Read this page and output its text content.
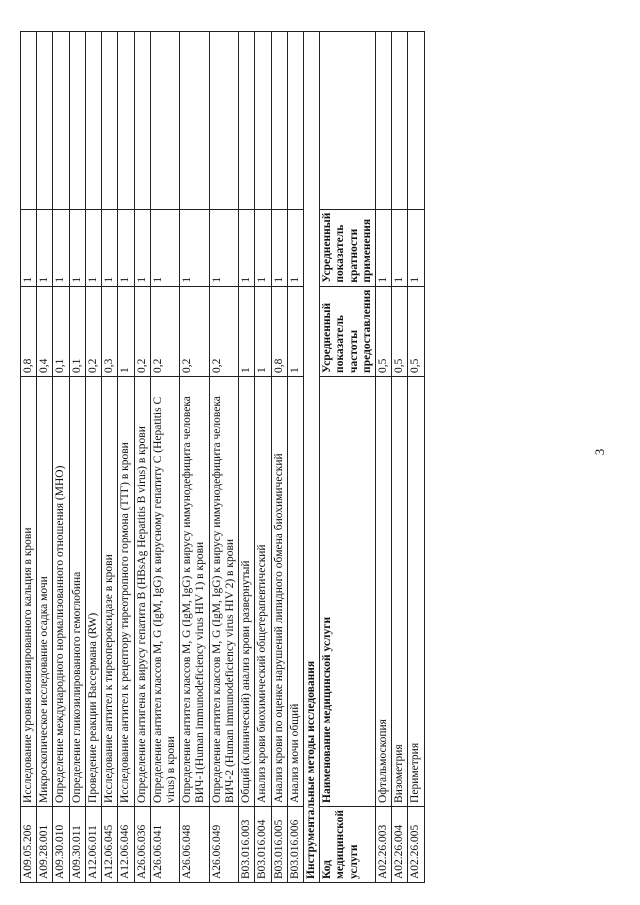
3
A09.05.206	Исследование уровня ионизированного кальция в крови	0,8	1	
A09.28.001	Микроскопическое исследование осадка мочи	0,4	1	
A09.30.010	Определение международного нормализованного отношения (МНО)	0,1	1	
A09.30.011	Определение гликозилированного гемоглобина	0,1	1	
A12.06.011	Проведение реакции Вассермана (RW)	0,2	1	
A12.06.045	Исследование антител к тиреопероксидазе в крови	0,3	1	
A12.06.046	Исследование антител к рецептору тиреотропного гормона (ТТГ) в крови	1	1	
A26.06.036	Определение антигена к вирусу гепатита B (HBsAg Hepatitis B virus) в крови	0,2	1	
A26.06.041	Определение антител классов M, G (IgM, IgG) к вирусному гепатиту C (Hepatitis C virus) в крови	0,2	1	
A26.06.048	Определение антител классов M, G (IgM, IgG) к вирусу иммунодефицита человека ВИЧ-1(Human immunodeficiency virus HIV 1) в крови	0,2	1	
A26.06.049	Определение антител классов M, G (IgM, IgG) к вирусу иммунодефицита человека ВИЧ-2 (Human immunodeficiency virus HIV 2) в крови	0,2	1	
B03.016.003	Общий (клинический) анализ крови развернутый	1	1	
B03.016.004	Анализ крови биохимический общетерапевтический	1	1	
B03.016.005	Анализ крови по оценке нарушений липидного обмена биохимический	0,8	1	
B03.016.006	Анализ мочи общий	1	1	
Инструментальные методы исследования				
Код медицинской услуги	Наименование медицинской услуги	Усредненный показатель частоты предоставления	Усредненный показатель кратности применения	
A02.26.003	Офтальмоскопия	0,5	1	
A02.26.004	Визометрия	0,5	1	
A02.26.005	Периметрия	0,5	1	
